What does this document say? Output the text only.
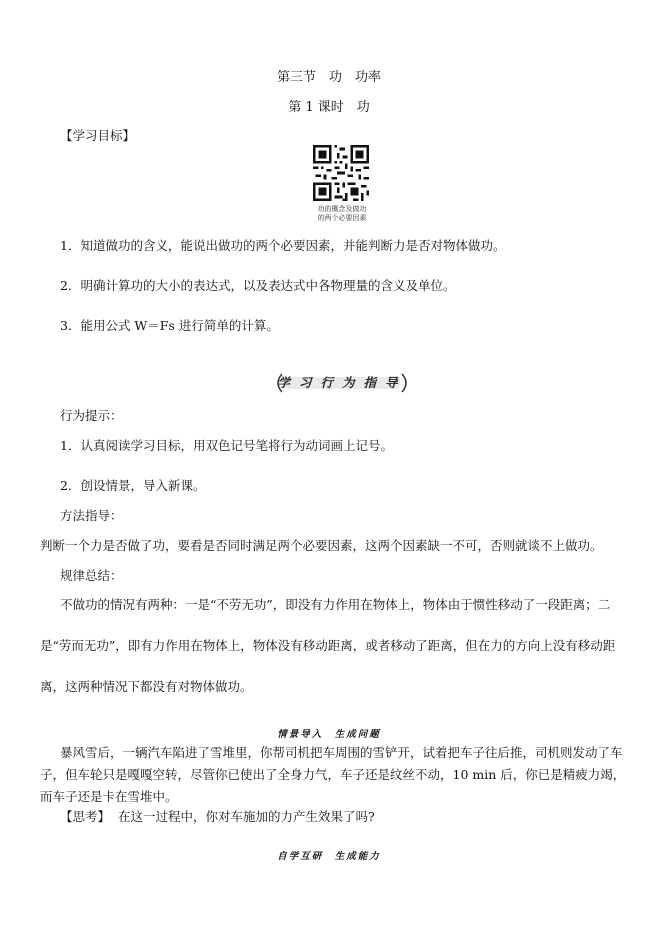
第三节　功　功率
第 1 课时　功
【学习目标】
功的概念及做功
的两个必要因素
1．知道做功的含义，能说出做功的两个必要因素，并能判断力是否对物体做功。
2．明确计算功的大小的表达式，以及表达式中各物理量的含义及单位。
3．能用公式 W＝Fs 进行简单的计算。
学习行为指导
行为提示：
1．认真阅读学习目标，用双色记号笔将行为动词画上记号。
2．创设情景，导入新课。
方法指导：
判断一个力是否做了功，要看是否同时满足两个必要因素，这两个因素缺一不可，否则就谈不上做功。
规律总结：
不做功的情况有两种：一是“不劳无功”，即没有力作用在物体上，物体由于惯性移动了一段距离；二是“劳而无功”，即有力作用在物体上，物体没有移动距离，或者移动了距离，但在力的方向上没有移动距离，这两种情况下都没有对物体做功。
情景导入　生成问题
暴风雪后，一辆汽车陷进了雪堆里，你帮司机把车周围的雪铲开，试着把车子往后推，司机则发动了车子，但车轮只是嘎嘎空转，尽管你已使出了全身力气，车子还是纹丝不动，10 min 后，你已是精疲力竭，而车子还是卡在雪堆中。
【思考】 在这一过程中，你对车施加的力产生效果了吗?
自学互研　生成能力
